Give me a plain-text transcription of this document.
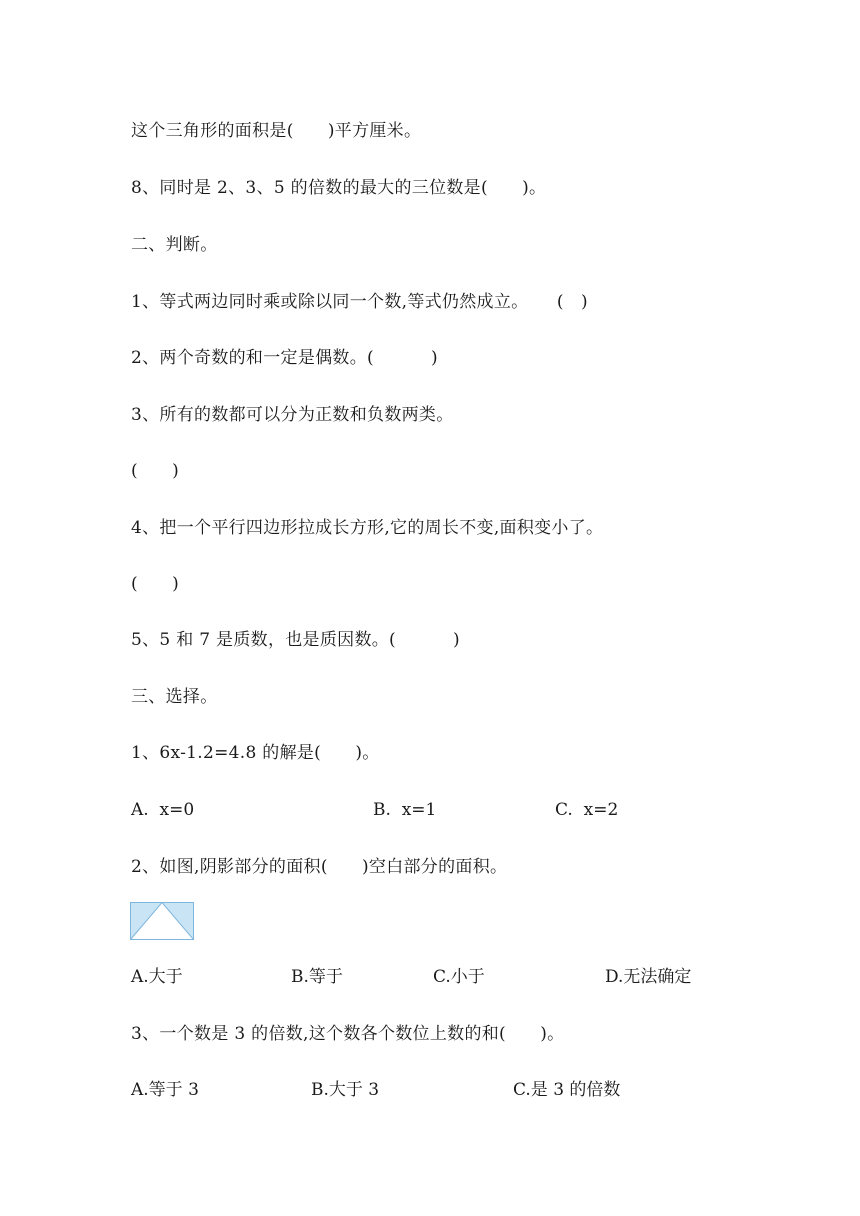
这个三角形的面积是(      )平方厘米。
8、同时是 2、3、5 的倍数的最大的三位数是(      )。
二、判断。
1、等式两边同时乘或除以同一个数,等式仍然成立。     (   )
2、两个奇数的和一定是偶数。(          )
3、所有的数都可以分为正数和负数两类。
(      )
4、把一个平行四边形拉成长方形,它的周长不变,面积变小了。
(      )
5、5 和 7 是质数，也是质因数。(          )
三、选择。
1、6x-1.2=4.8 的解是(      )。
A.  x=0	B.  x=1	C.  x=2
2、如图,阴影部分的面积(      )空白部分的面积。
A.大于	B.等于	C.小于	D.无法确定
3、一个数是 3 的倍数,这个数各个数位上数的和(      )。
A.等于 3	B.大于 3	C.是 3 的倍数
